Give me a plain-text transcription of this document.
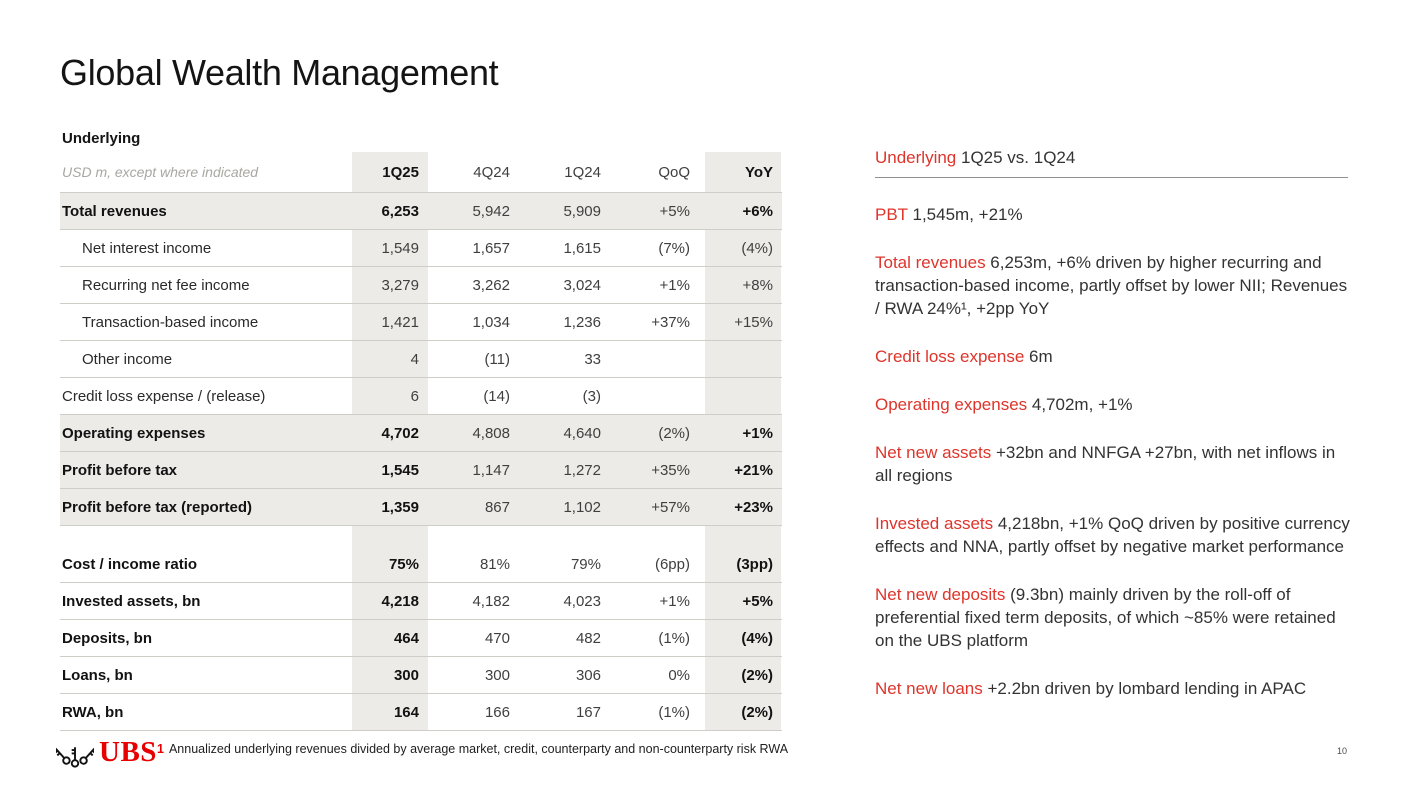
Global Wealth Management
Underlying
USD m, except where indicated	1Q25	4Q24	1Q24	QoQ	YoY
Total revenues	6,253	5,942	5,909	+5%	+6%
Net interest income	1,549	1,657	1,615	(7%)	(4%)
Recurring net fee income	3,279	3,262	3,024	+1%	+8%
Transaction-based income	1,421	1,034	1,236	+37%	+15%
Other income	4	(11)	33
Credit loss expense / (release)	6	(14)	(3)
Operating expenses	4,702	4,808	4,640	(2%)	+1%
Profit before tax	1,545	1,147	1,272	+35%	+21%
Profit before tax (reported)	1,359	867	1,102	+57%	+23%
Cost / income ratio	75%	81%	79%	(6pp)	(3pp)
Invested assets, bn	4,218	4,182	4,023	+1%	+5%
Deposits, bn	464	470	482	(1%)	(4%)
Loans, bn	300	300	306	0%	(2%)
RWA, bn	164	166	167	(1%)	(2%)

Underlying 1Q25 vs. 1Q24

PBT 1,545m, +21%

Total revenues 6,253m, +6% driven by higher recurring and transaction-based income, partly offset by lower NII; Revenues / RWA 24%¹, +2pp YoY

Credit loss expense 6m

Operating expenses 4,702m, +1%

Net new assets +32bn and NNFGA +27bn, with net inflows in all regions

Invested assets 4,218bn, +1% QoQ driven by positive currency effects and NNA, partly offset by negative market performance

Net new deposits (9.3bn) mainly driven by the roll-off of preferential fixed term deposits, of which ~85% were retained on the UBS platform

Net new loans +2.2bn driven by lombard lending in APAC

UBS 1 Annualized underlying revenues divided by average market, credit, counterparty and non-counterparty risk RWA	10
